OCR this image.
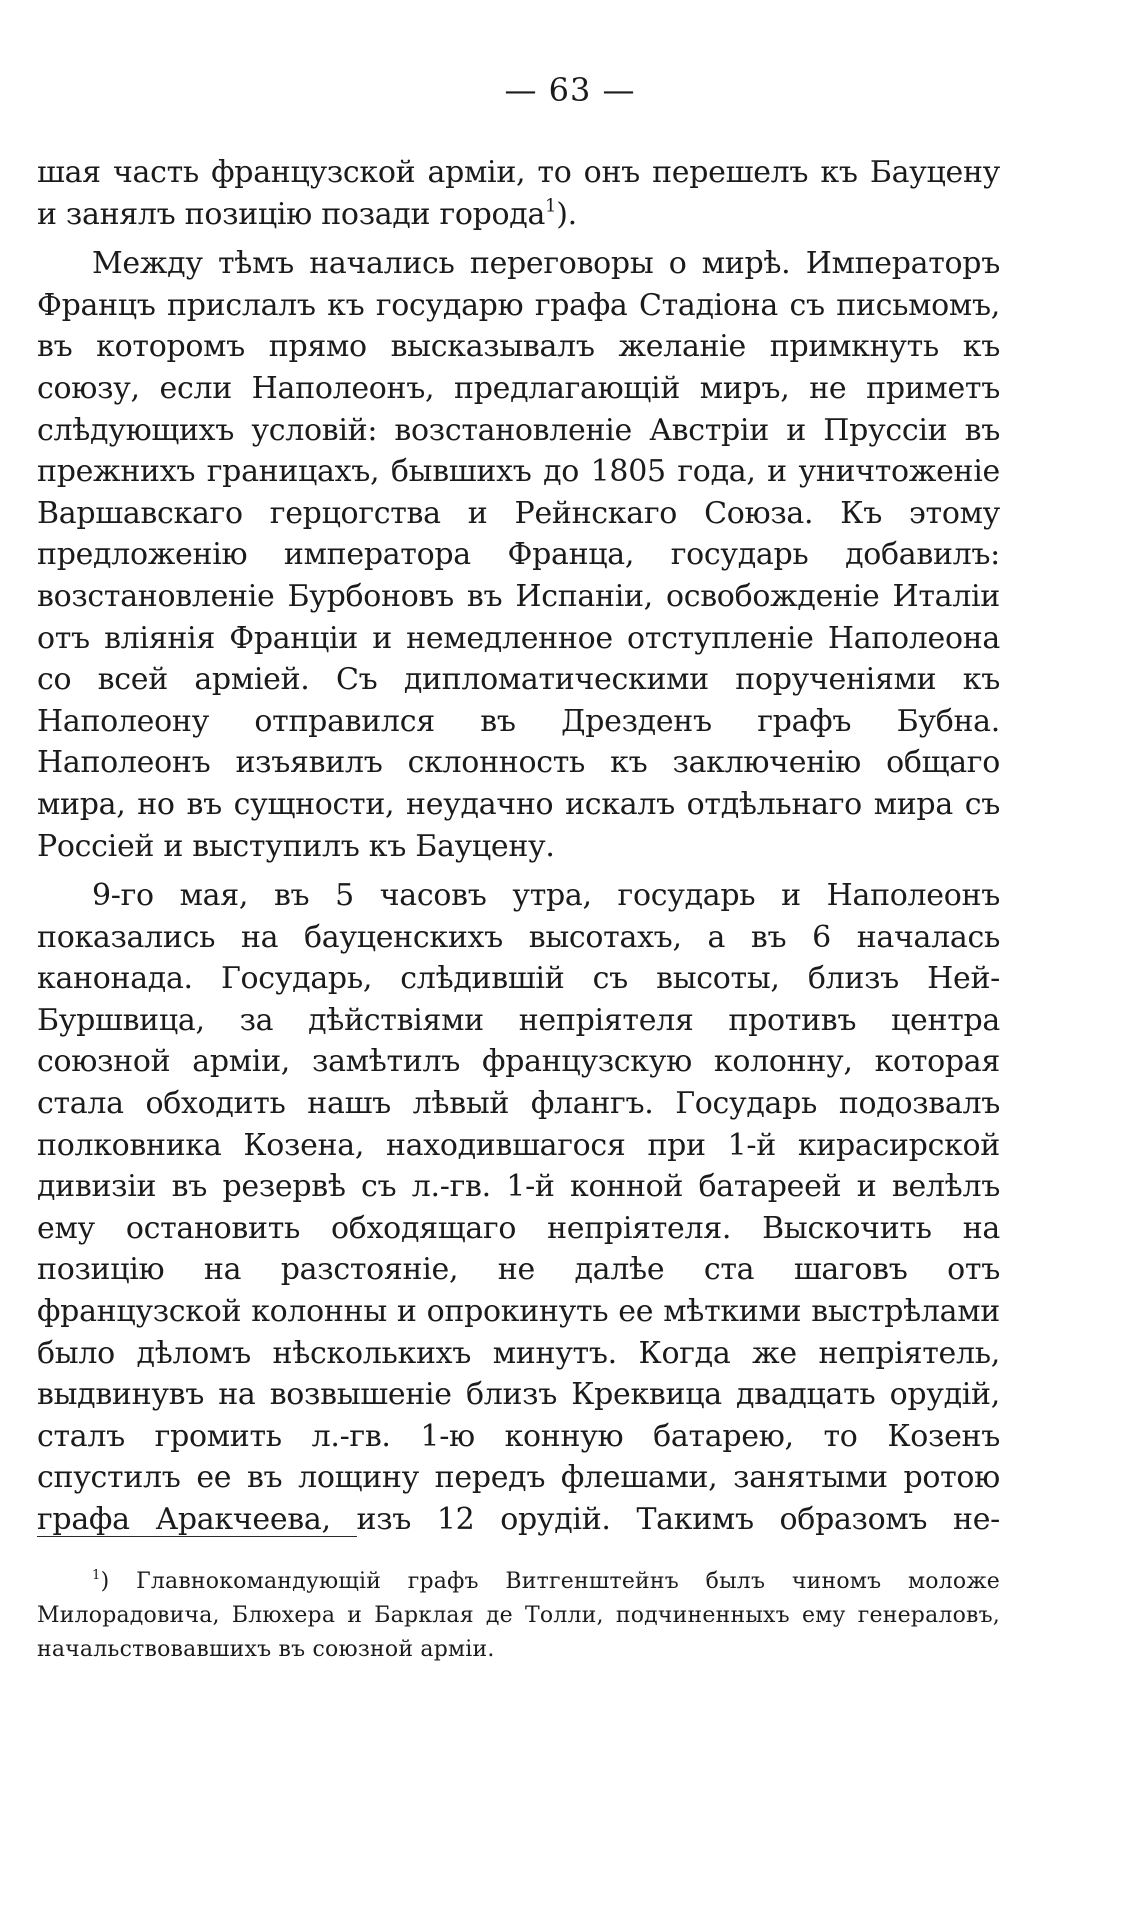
— 63 —

шая часть французской арміи, то онъ перешелъ къ Бауцену и занялъ позицію позади города$^1$).

Между тѣмъ начались переговоры о мирѣ. Императоръ Францъ прислалъ къ государю графа Стадіона съ письмомъ, въ которомъ прямо высказывалъ желаніе примкнуть къ союзу, если Наполеонъ, предлагающій миръ, не приметъ слѣдующихъ условій: возстановленіе Австріи и Пруссіи въ прежнихъ границахъ, бывшихъ до 1805 года, и уничтоженіе Варшавскаго герцогства и Рейнскаго Союза. Къ этому предложенію императора Франца, государь добавилъ: возстановленіе Бурбоновъ въ Испаніи, освобожденіе Италіи отъ вліянія Франціи и немедленное отступленіе Наполеона со всей арміей. Съ дипломатическими порученіями къ Наполеону отправился въ Дрезденъ графъ Бубна. Наполеонъ изъявилъ склонность къ заключенію общаго мира, но въ сущности, неудачно искалъ отдѣльнаго мира съ Россіей и выступилъ къ Бауцену.

9-го мая, въ 5 часовъ утра, государь и Наполеонъ показались на бауценскихъ высотахъ, а въ 6 началась канонада. Государь, слѣдившій съ высоты, близъ Ней-Буршвица, за дѣйствіями непріятеля противъ центра союзной арміи, замѣтилъ французскую колонну, которая стала обходить нашъ лѣвый флангъ. Государь подозвалъ полковника Козена, находившагося при 1-й кирасирской дивизіи въ резервѣ съ л.-гв. 1-й конной батареей и велѣлъ ему остановить обходящаго непріятеля. Выскочить на позицію на разстояніе, не далѣе ста шаговъ отъ французской колонны и опрокинуть ее мѣткими выстрѣлами было дѣломъ нѣсколькихъ минутъ. Когда же непріятель, выдвинувъ на возвышеніе близъ Креквица двадцать орудій, сталъ громить л.-гв. 1-ю конную батарею, то Козенъ спустилъ ее въ лощину передъ флешами, занятыми ротою графа Аракчеева, изъ 12 орудій. Такимъ образомъ не-

$^1$) Главнокомандующій графъ Витгенштейнъ былъ чиномъ моложе Милорадовича, Блюхера и Барклая де Толли, подчиненныхъ ему генераловъ, начальствовавшихъ въ союзной арміи.
